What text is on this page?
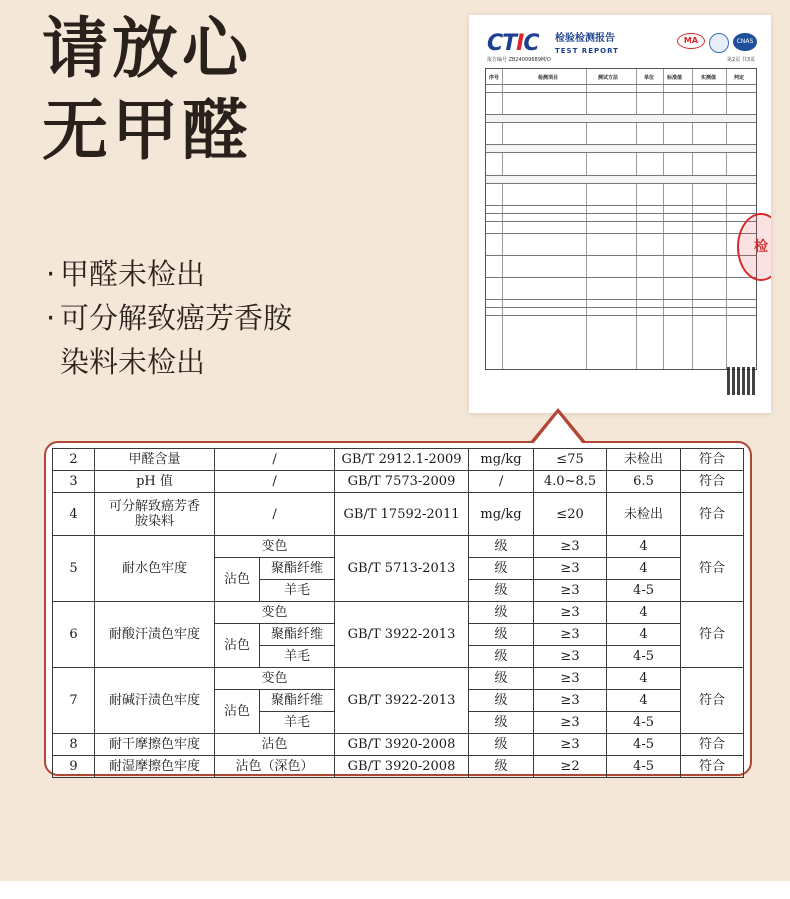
请放心
无甲醛
· 甲醛未检出
· 可分解致癌芳香胺
染料未检出
CTIC 检验检测报告
TEST REPORT
MA	CNAS
报告编号 ZB24009689M/O	第2页 共3页
序号	检测项目	测试方法	单位	标准值	实测值	判定
检
2	甲醛含量	/		GB/T 2912.1-2009	mg/kg	≤75	未检出	符合
3	pH 值	/		GB/T 7573-2009	/	4.0~8.5	6.5	符合
4	可分解致癌芳香胺染料	/		GB/T 17592-2011	mg/kg	≤20	未检出	符合
5	耐水色牢度	变色		GB/T 5713-2013	级	≥3	4	符合
		沾色	聚酯纤维		级	≥3	4	
			羊毛		级	≥3	4-5	
6	耐酸汗渍色牢度	变色		GB/T 3922-2013	级	≥3	4	符合
		沾色	聚酯纤维		级	≥3	4	
			羊毛		级	≥3	4-5	
7	耐碱汗渍色牢度	变色		GB/T 3922-2013	级	≥3	4	符合
		沾色	聚酯纤维		级	≥3	4	
			羊毛		级	≥3	4-5	
8	耐干摩擦色牢度	沾色		GB/T 3920-2008	级	≥3	4-5	符合
9	耐湿摩擦色牢度	沾色（深色）		GB/T 3920-2008	级	≥2	4-5	符合
